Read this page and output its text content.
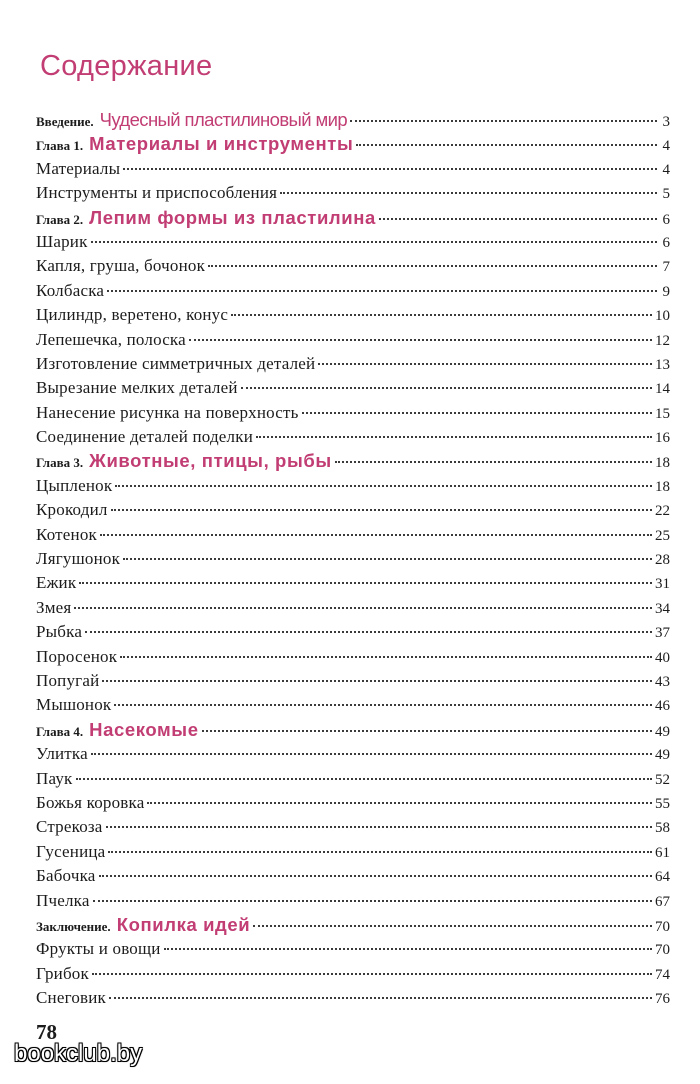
Содержание
Введение. Чудесный пластилиновый мир	3
Глава 1. Материалы и инструменты	4
Материалы	4
Инструменты и приспособления	5
Глава 2. Лепим формы из пластилина	6
Шарик	6
Капля, груша, бочонок	7
Колбаска	9
Цилиндр, веретено, конус	10
Лепешечка, полоска	12
Изготовление симметричных деталей	13
Вырезание мелких деталей	14
Нанесение рисунка на поверхность	15
Соединение деталей поделки	16
Глава 3. Животные, птицы, рыбы	18
Цыпленок	18
Крокодил	22
Котенок	25
Лягушонок	28
Ежик	31
Змея	34
Рыбка	37
Поросенок	40
Попугай	43
Мышонок	46
Глава 4. Насекомые	49
Улитка	49
Паук	52
Божья коровка	55
Стрекоза	58
Гусеница	61
Бабочка	64
Пчелка	67
Заключение. Копилка идей	70
Фрукты и овощи	70
Грибок	74
Снеговик	76
78
bookclub.by
